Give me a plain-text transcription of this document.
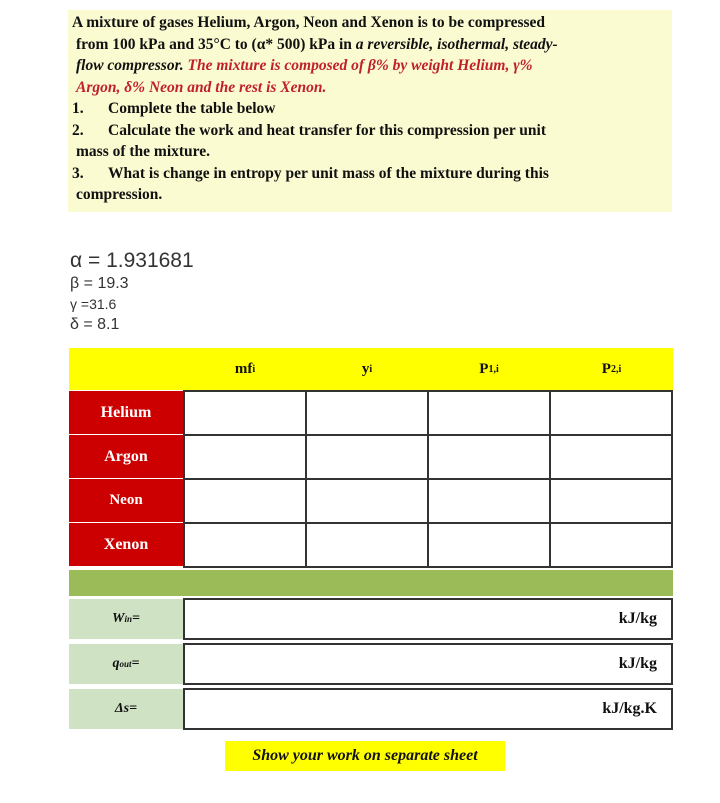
A mixture of gases Helium, Argon, Neon and Xenon is to be compressed

from 100 kPa and 35°C to (α* 500) kPa in a reversible, isothermal, steady-

flow compressor. The mixture is composed of β% by weight Helium, γ%

Argon, δ% Neon and the rest is Xenon.

1. Complete the table below

2. Calculate the work and heat transfer for this compression per unit

mass of the mixture.

3. What is change in entropy per unit mass of the mixture during this

compression.

α = 1.931681
β = 19.3
γ =31.6
δ = 8.1
mf i	y i	P 1,i	P 2,i
Helium
Argon
Neon
Xenon
W in =	kJ/kg
q out =	kJ/kg
Δs =	kJ/kg.K
Show your work on separate sheet
